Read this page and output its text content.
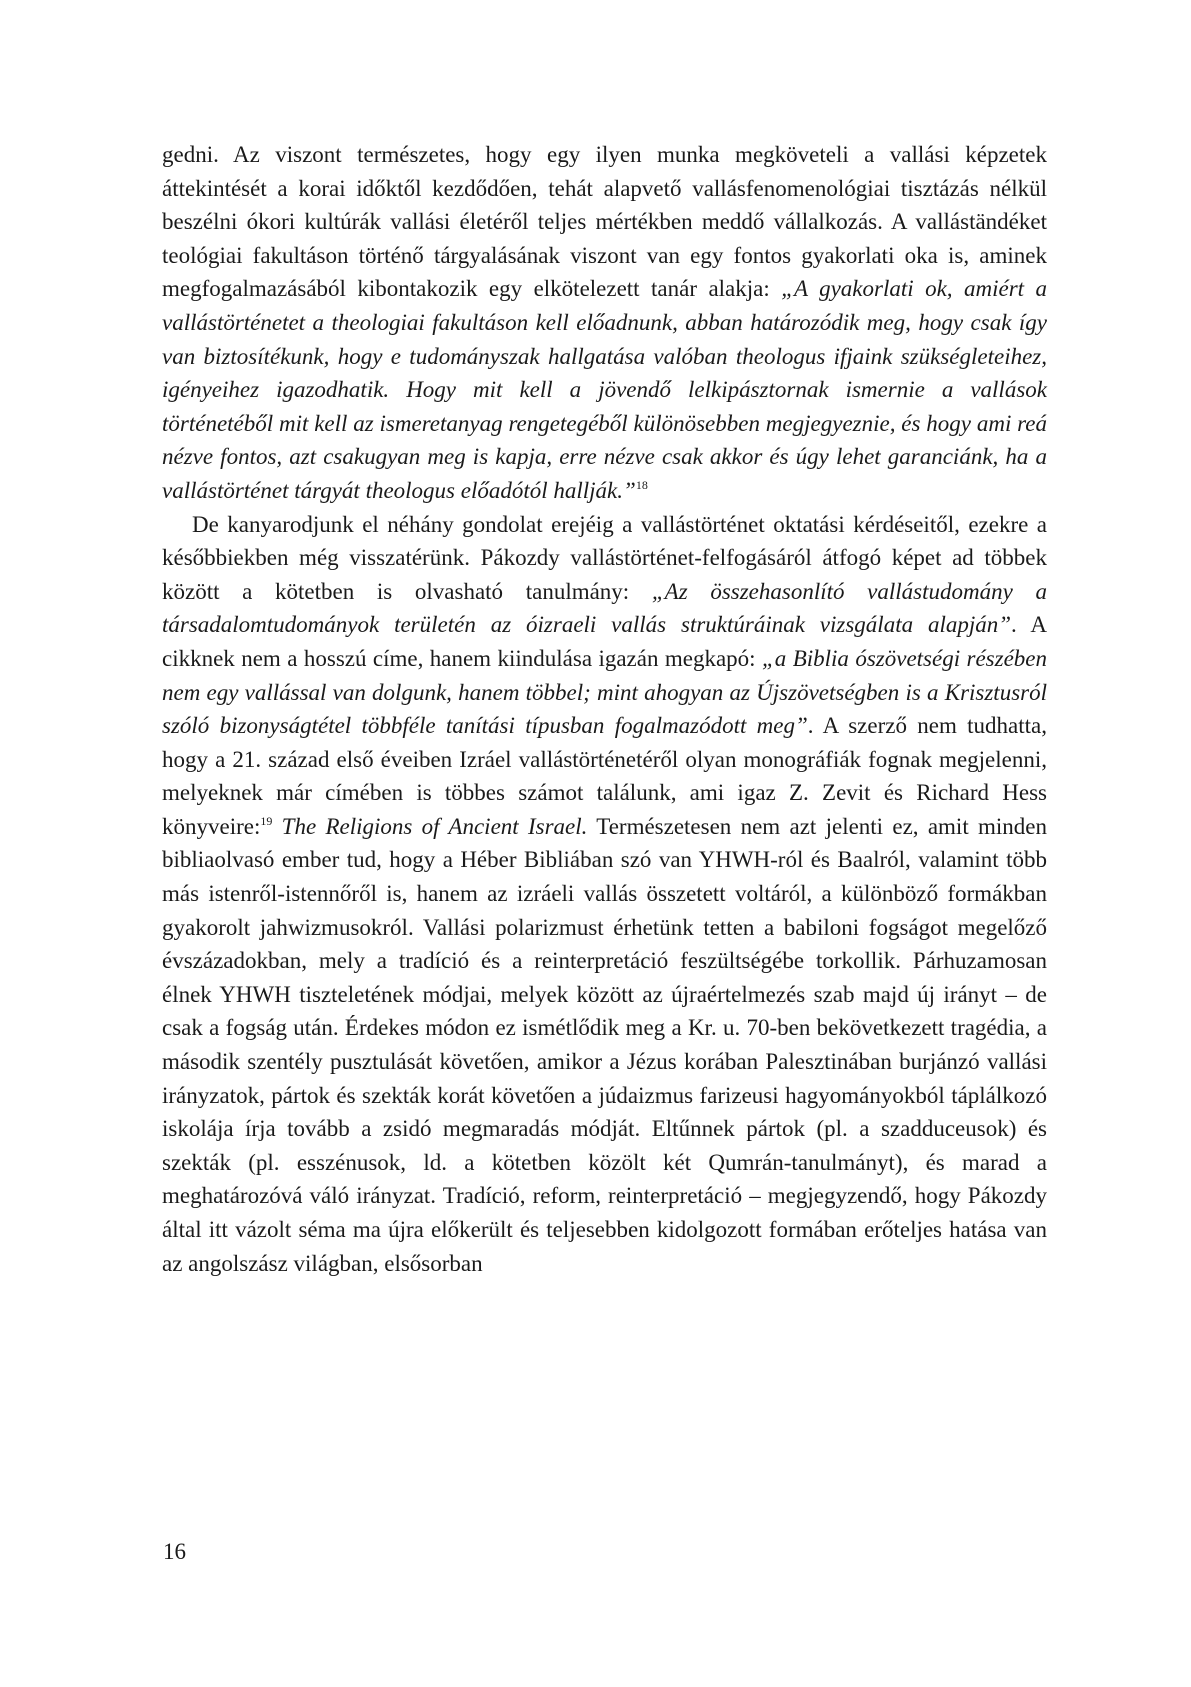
gedni. Az viszont természetes, hogy egy ilyen munka megköveteli a vallási képzetek áttekintését a korai időktől kezdődően, tehát alapvető vallásfenomenológiai tisztázás nélkül beszélni ókori kultúrák vallási életéről teljes mértékben meddő vállalkozás. A valláständéket teológiai fakultáson történő tárgyalásának viszont van egy fontos gyakorlati oka is, aminek megfogalmazásából kibontakozik egy elkötelezett tanár alakja: „A gyakorlati ok, amiért a vallástörténetet a theologiai fakultáson kell előadnunk, abban határozódik meg, hogy csak így van biztosítékunk, hogy e tudományszak hallgatása valóban theologus ifjaink szükségleteihez, igényeihez igazodhatik. Hogy mit kell a jövendő lelkipásztornak ismernie a vallások történetéből mit kell az ismeretanyag rengetegéből különösebben megjegyeznie, és hogy ami reá nézve fontos, azt csakugyan meg is kapja, erre nézve csak akkor és úgy lehet garanciánk, ha a vallástörténet tárgyát theologus előadótól hallják.”$^{18}$

De kanyarodjunk el néhány gondolat erejéig a vallástörténet oktatási kérdéseitől, ezekre a későbbiekben még visszatérünk. Pákozdy vallástörténet-felfogásáról átfogó képet ad többek között a kötetben is olvasható tanulmány: „Az összehasonlító vallástudomány a társadalomtudományok területén az óizraeli vallás struktúráinak vizsgálata alapján”. A cikknek nem a hosszú címe, hanem kiindulása igazán megkapó: „a Biblia ószövetségi részében nem egy vallással van dolgunk, hanem többel; mint ahogyan az Újszövetségben is a Krisztusról szóló bizonyságtétel többféle tanítási típusban fogalmazódott meg”. A szerző nem tudhatta, hogy a 21. század első éveiben Izráel vallástörténetéről olyan monográfiák fognak megjelenni, melyeknek már címében is többes számot találunk, ami igaz Z. Zevit és Richard Hess könyveire:$^{19}$ The Religions of Ancient Israel. Természetesen nem azt jelenti ez, amit minden bibliaolvasó ember tud, hogy a Héber Bibliában szó van YHWH-ról és Baalról, valamint több más istenről-istennőről is, hanem az izráeli vallás összetett voltáról, a különböző formákban gyakorolt jahwizmusokról. Vallási polarizmust érhetünk tetten a babiloni fogságot megelőző évszázadokban, mely a tradíció és a reinterpretáció feszültségébe torkollik. Párhuzamosan élnek YHWH tiszteletének módjai, melyek között az újraértelmezés szab majd új irányt – de csak a fogság után. Érdekes módon ez ismétlődik meg a Kr. u. 70-ben bekövetkezett tragédia, a második szentély pusztulását követően, amikor a Jézus korában Palesztinában burjánzó vallási irányzatok, pártok és szekták korát követően a júdaizmus farizeusi hagyományokból táplálkozó iskolája írja tovább a zsidó megmaradás módját. Eltűnnek pártok (pl. a szadduceusok) és szekták (pl. esszénusok, ld. a kötetben közölt két Qumrán-tanulmányt), és marad a meghatározóvá váló irányzat. Tradíció, reform, reinterpretáció – megjegyzendő, hogy Pákozdy által itt vázolt séma ma újra előkerült és teljesebben kidolgozott formában erőteljes hatása van az angolszász világban, elsősorban

16
